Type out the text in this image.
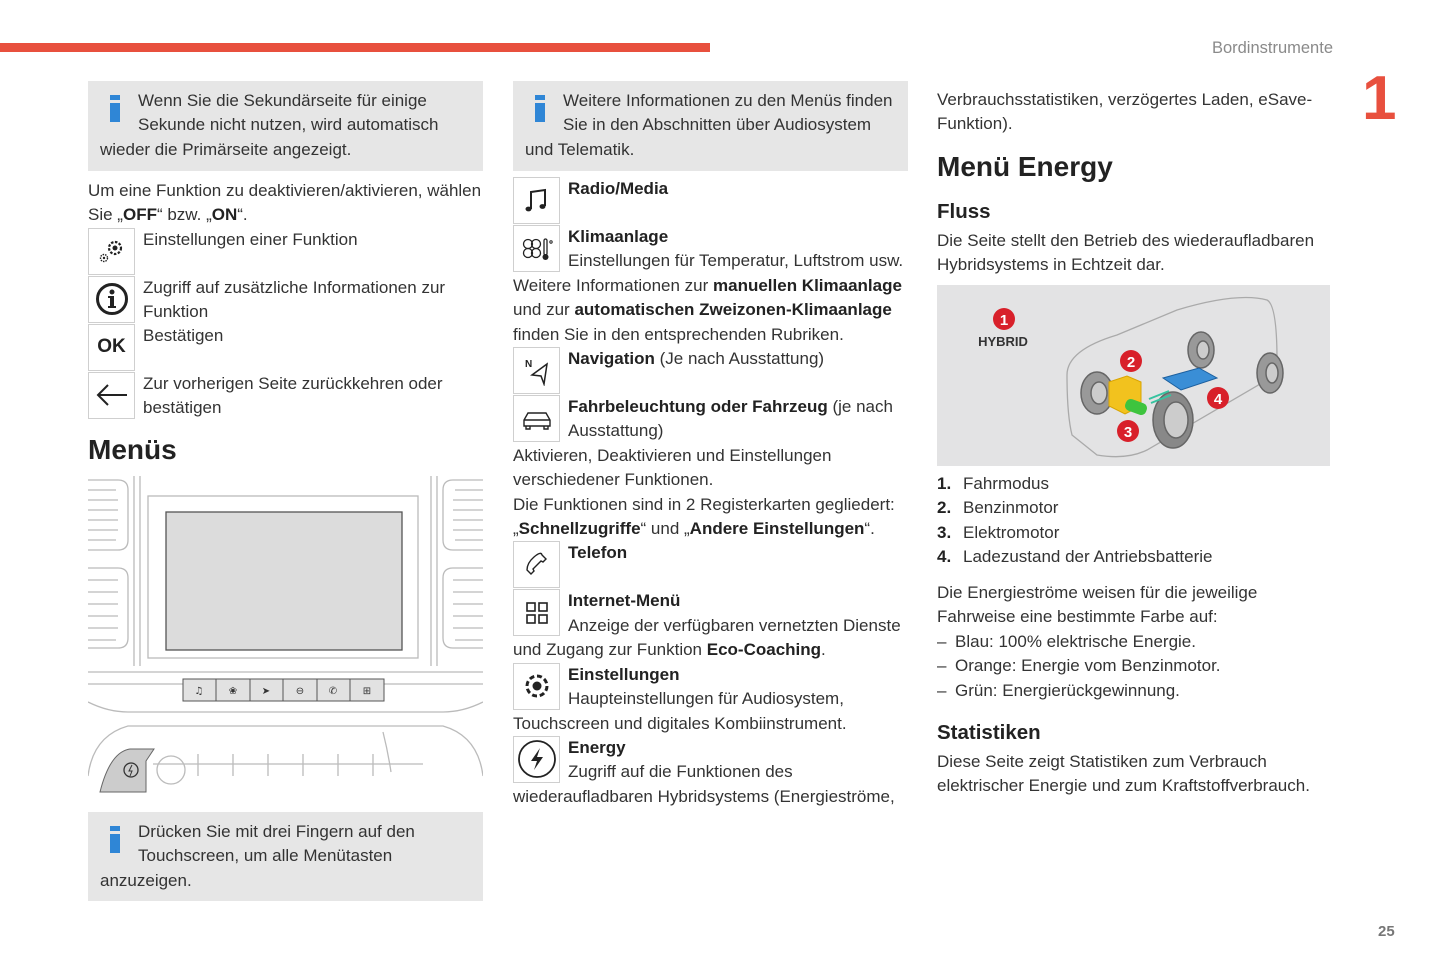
Bordinstrumente
1
25
Wenn Sie die Sekundärseite für einige Sekunde nicht nutzen, wird automatisch wieder die Primärseite angezeigt.
Um eine Funktion zu deaktivieren/aktivieren, wählen Sie „OFF“ bzw. „ON“.
Einstellungen einer Funktion
Zugriff auf zusätzliche Informationen zur Funktion
OK
Bestätigen
Zur vorherigen Seite zurückkehren oder bestätigen
Menüs
♫	❀ ➤	⊖ ✆	⊞
Drücken Sie mit drei Fingern auf den Touchscreen, um alle Menütasten anzuzeigen.
Weitere Informationen zu den Menüs finden Sie in den Abschnitten über Audiosystem und Telematik.
Radio/Media
Klimaanlage
Einstellungen für Temperatur, Luftstrom usw.
Weitere Informationen zur manuellen Klimaanlage und zur automatischen Zweizonen-Klimaanlage finden Sie in den entsprechenden Rubriken.
N Navigation (Je nach Ausstattung)
Fahrbeleuchtung oder Fahrzeug (je nach Ausstattung)
Aktivieren, Deaktivieren und Einstellungen verschiedener Funktionen.
Die Funktionen sind in 2 Registerkarten gegliedert: „Schnellzugriffe“ und „Andere Einstellungen“.
Telefon
Internet-Menü
Anzeige der verfügbaren vernetzten Dienste und Zugang zur Funktion Eco-Coaching.
Einstellungen
Haupteinstellungen für Audiosystem, Touchscreen und digitales Kombiinstrument.
Energy
Zugriff auf die Funktionen des wiederaufladbaren Hybridsystems (Energieströme,
Verbrauchsstatistiken, verzögertes Laden, eSave-Funktion).
Menü Energy
Fluss
Die Seite stellt den Betrieb des wiederaufladbaren Hybridsystems in Echtzeit dar.
1
HYBRID
2
3
4
1. Fahrmodus
2. Benzinmotor
3. Elektromotor
4. Ladezustand der Antriebsbatterie

Die Energieströme weisen für die jeweilige Fahrweise eine bestimmte Farbe auf:

– Blau: 100% elektrische Energie.
– Orange: Energie vom Benzinmotor.
– Grün: Energierückgewinnung.
Statistiken
Diese Seite zeigt Statistiken zum Verbrauch elektrischer Energie und zum Kraftstoffverbrauch.
